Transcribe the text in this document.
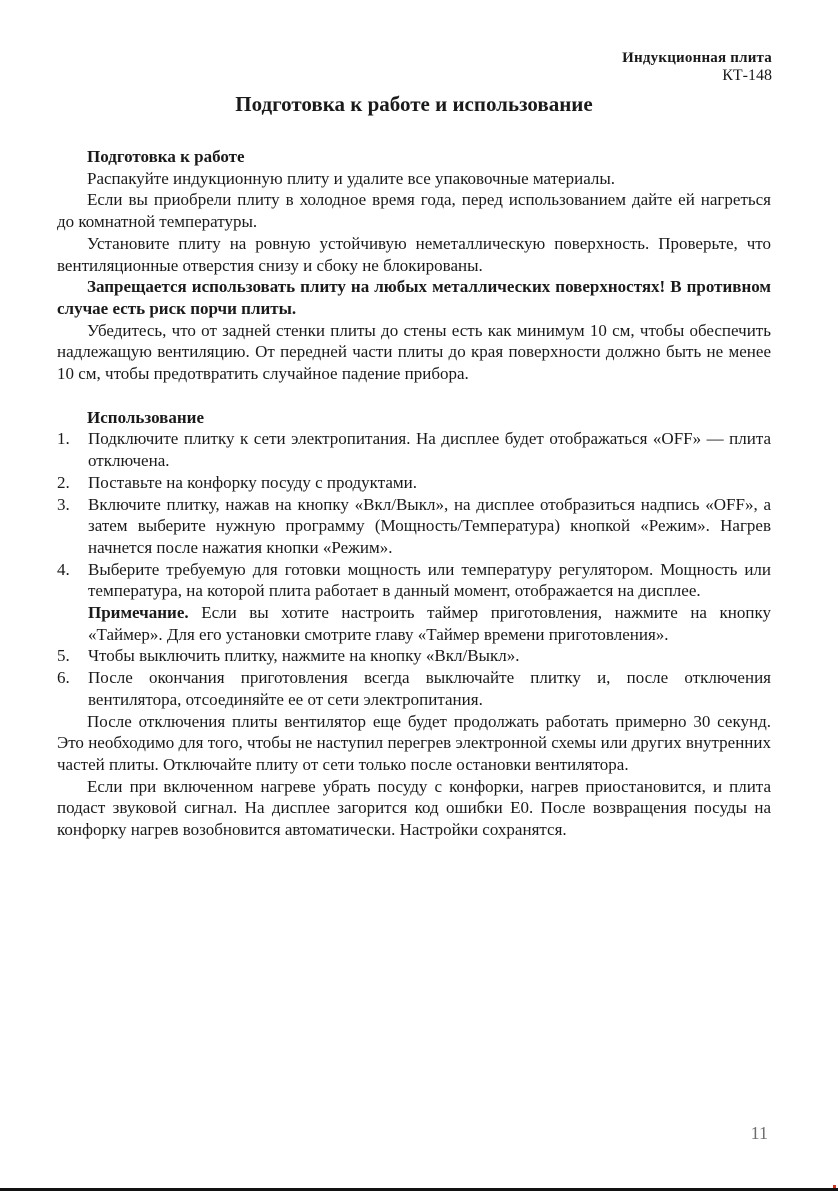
Индукционная плита
КТ-148
Подготовка к работе и использование
Подготовка к работе

Распакуйте индукционную плиту и удалите все упаковочные материалы.

Если вы приобрели плиту в холодное время года, перед использованием дайте ей нагреться до комнатной температуры.

Установите плиту на ровную устойчивую неметаллическую поверхность. Проверьте, что вентиляционные отверстия снизу и сбоку не блокированы.

Запрещается использовать плиту на любых металлических поверхностях! В противном случае есть риск порчи плиты.

Убедитесь, что от задней стенки плиты до стены есть как минимум 10 см, чтобы обеспечить надлежащую вентиляцию. От передней части плиты до края поверхности должно быть не менее 10 см, чтобы предотвратить случайное падение прибора.

Использование
1.	Подключите плитку к сети электропитания. На дисплее будет отображаться «OFF» — плита отключена.
2.	Поставьте на конфорку посуду с продуктами.
3.	Включите плитку, нажав на кнопку «Вкл/Выкл», на дисплее отобразиться надпись «OFF», а затем выберите нужную программу (Мощность/Температура) кнопкой «Режим». Нагрев начнется после нажатия кнопки «Режим».
4.	Выберите требуемую для готовки мощность или температуру регулятором. Мощность или температура, на которой плита работает в данный момент, отображается на дисплее.
Примечание. Если вы хотите настроить таймер приготовления, нажмите на кнопку «Таймер». Для его установки смотрите главу «Таймер времени приготовления».
5.	Чтобы выключить плитку, нажмите на кнопку «Вкл/Выкл».
6.	После окончания приготовления всегда выключайте плитку и, после отключения вентилятора, отсоединяйте ее от сети электропитания.

После отключения плиты вентилятор еще будет продолжать работать примерно 30 секунд. Это необходимо для того, чтобы не наступил перегрев электронной схемы или других внутренних частей плиты. Отключайте плиту от сети только после остановки вентилятора.

Если при включенном нагреве убрать посуду с конфорки, нагрев приостановится, и плита подаст звуковой сигнал. На дисплее загорится код ошибки Е0. После возвращения посуды на конфорку нагрев возобновится автоматически. Настройки сохранятся.

11
